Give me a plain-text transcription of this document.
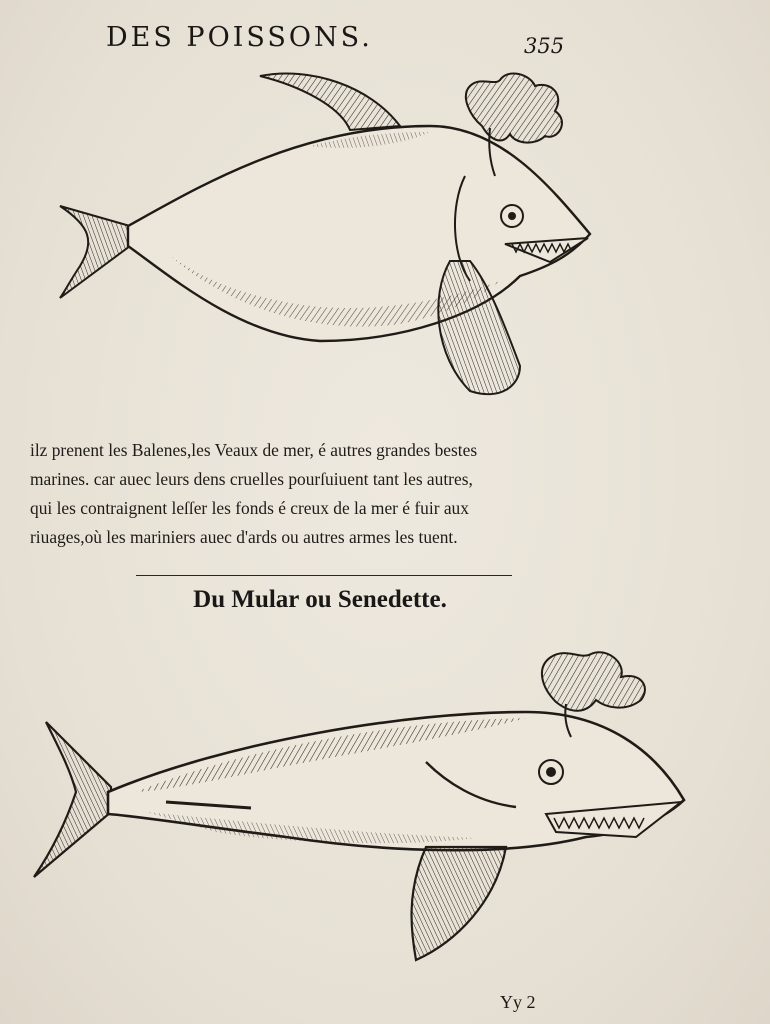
DES POISSONS.	355
ilz prenent les Balenes,les Veaux de mer, é autres grandes bestes
marines. car auec leurs dens cruelles pourſuiuent tant les autres,
qui les contraignent leſſer les fonds é creux de la mer é fuir aux
riuages,où les mariniers auec d'ards ou autres armes les tuent.
Du Mular ou Senedette.
Yy 2
